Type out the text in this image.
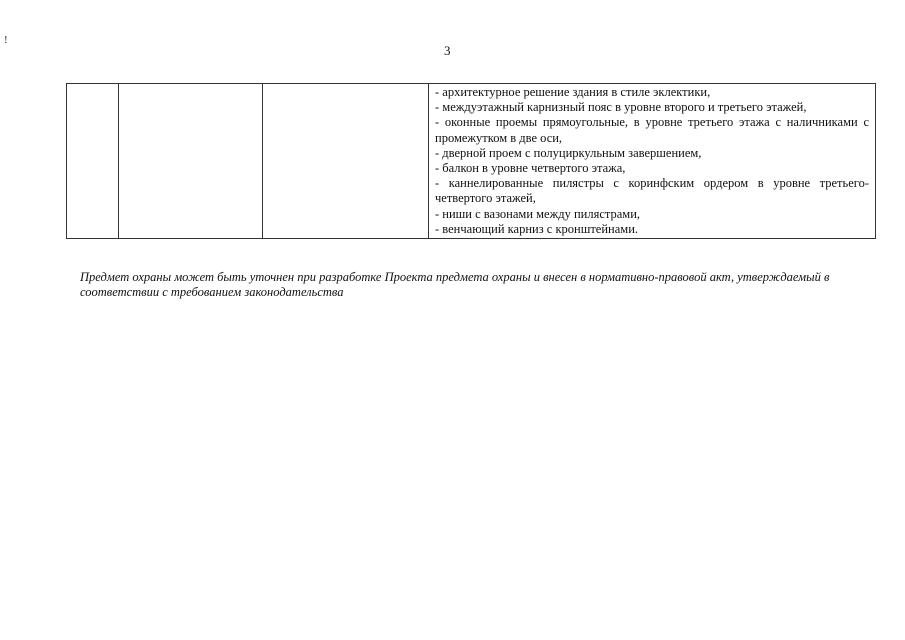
!
3

- архитектурное решение здания в стиле эклектики,

- междуэтажный карнизный пояс в уровне второго и третьего этажей,

- оконные проемы прямоугольные, в уровне третьего этажа с наличниками с промежутком в две оси,

- дверной проем с полуциркульным завершением,

- балкон в уровне четвертого этажа,

- каннелированные пилястры с коринфским ордером в уровне третьего-четвертого этажей,

- ниши с вазонами между пилястрами,

- венчающий карниз с кронштейнами.

Предмет охраны может быть уточнен при разработке Проекта предмета охраны и внесен в нормативно-правовой акт, утверждаемый в соответствии с требованием законодательства
